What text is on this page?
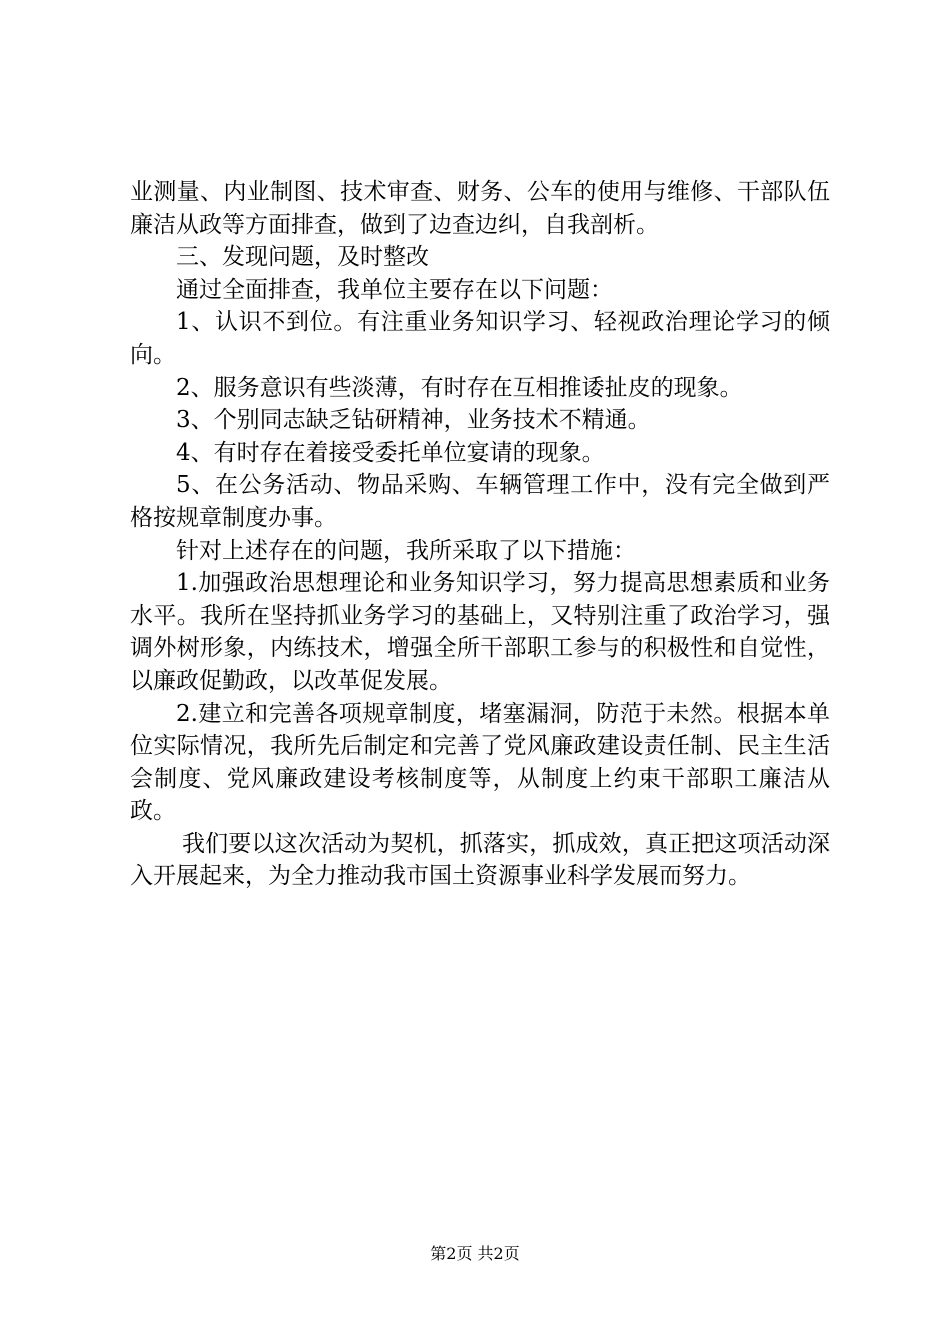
业测量、内业制图、技术审查、财务、公车的使用与维修、干部队伍廉洁从政等方面排查，做到了边查边纠，自我剖析。

三、发现问题，及时整改

通过全面排查，我单位主要存在以下问题：

1、认识不到位。有注重业务知识学习、轻视政治理论学习的倾向。

2、服务意识有些淡薄，有时存在互相推诿扯皮的现象。

3、个别同志缺乏钻研精神，业务技术不精通。

4、有时存在着接受委托单位宴请的现象。

5、在公务活动、物品采购、车辆管理工作中，没有完全做到严格按规章制度办事。

针对上述存在的问题，我所采取了以下措施：

1.加强政治思想理论和业务知识学习，努力提高思想素质和业务水平。我所在坚持抓业务学习的基础上，又特别注重了政治学习，强调外树形象，内练技术，增强全所干部职工参与的积极性和自觉性，以廉政促勤政，以改革促发展。

2.建立和完善各项规章制度，堵塞漏洞，防范于未然。根据本单位实际情况，我所先后制定和完善了党风廉政建设责任制、民主生活会制度、党风廉政建设考核制度等，从制度上约束干部职工廉洁从政。

我们要以这次活动为契机，抓落实，抓成效，真正把这项活动深入开展起来，为全力推动我市国土资源事业科学发展而努力。

第2页 共2页
